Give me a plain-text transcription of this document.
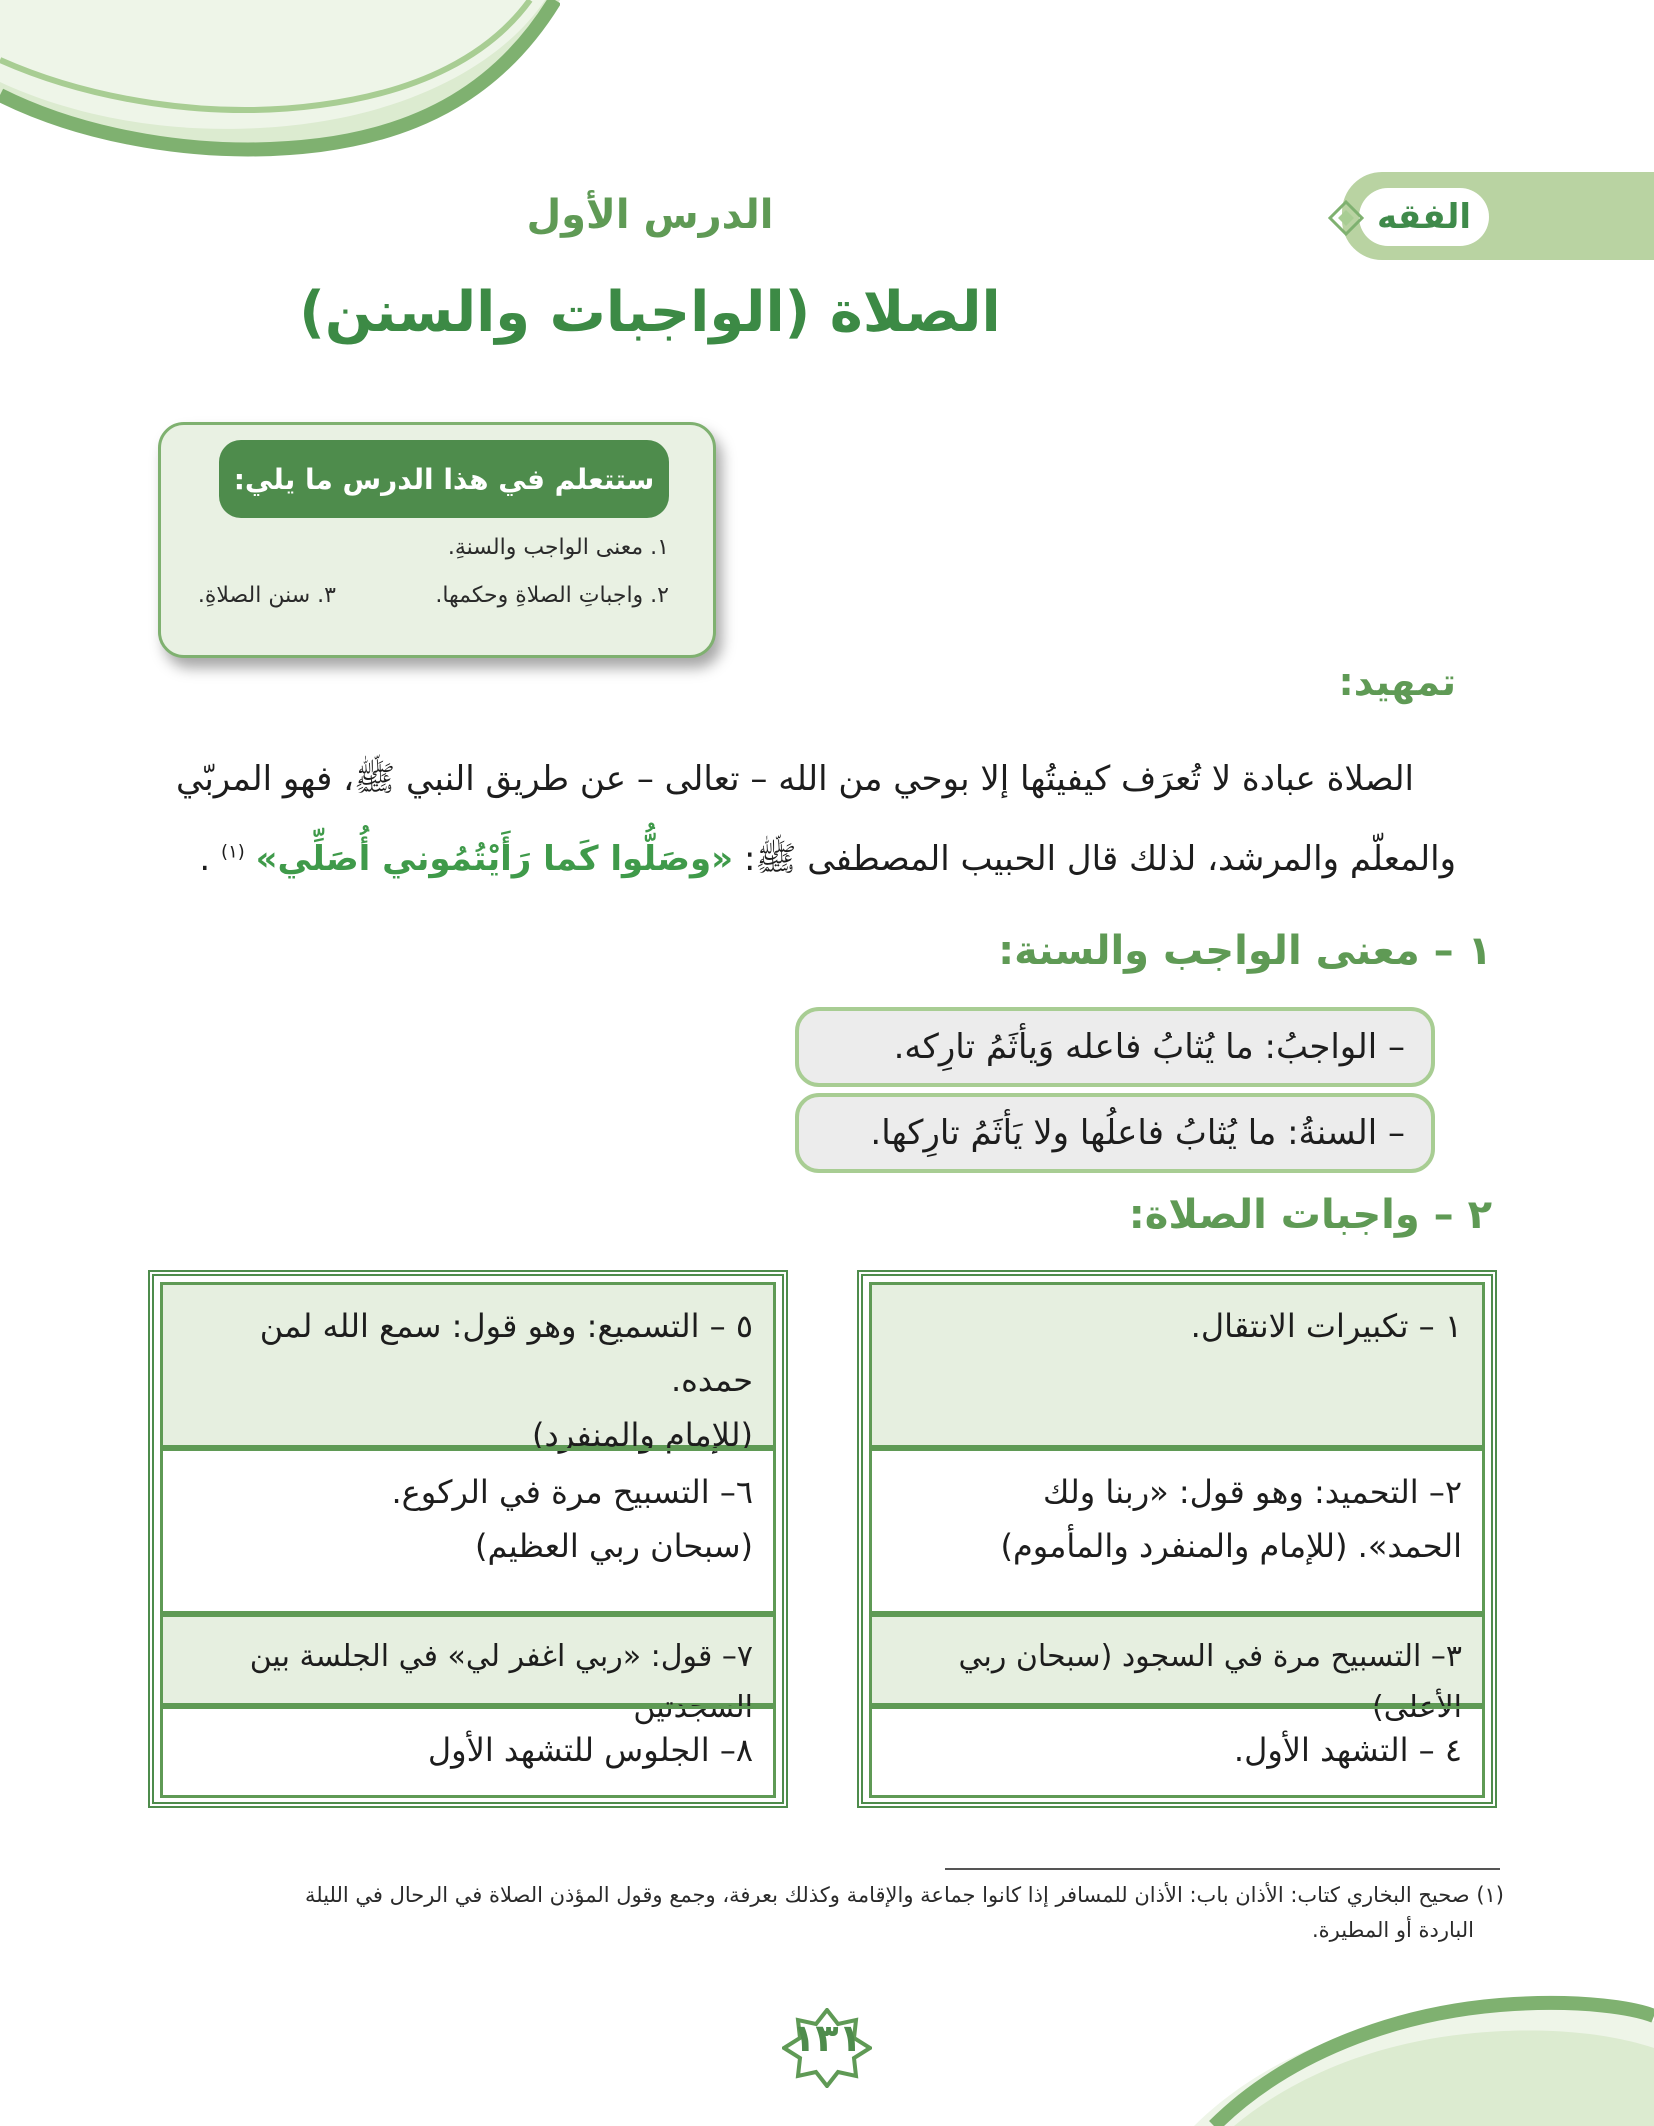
الفقه
الدرس الأول
الصلاة (الواجبات والسنن)
ستتعلم في هذا الدرس ما يلي:
١. معنى الواجب والسنةِ.
٢. واجباتِ الصلاةِ وحكمها.
٣. سنن الصلاةِ.
تمهيد:
الصلاة عبادة لا تُعرَف كيفيتُها إلا بوحي من الله – تعالى – عن طريق النبي ﷺ، فهو المربّي
والمعلّم والمرشد، لذلك قال الحبيب المصطفى ﷺ: «وصَلُّوا كَما رَأَيْتُمُوني أُصَلِّي» $^{(١)}$ .
١ – معنى الواجب والسنة:
– الواجبُ: ما يُثابُ فاعله وَيأثَمُ تارِكه.
– السنةُ: ما يُثابُ فاعلُها ولا يَأثَمُ تارِكها.
٢ – واجبات الصلاة:
١ – تكبيرات الانتقال.
٢– التحميد: وهو قول: «ربنا ولك
الحمد». (للإمام والمنفرد والمأموم)
٣– التسبيح مرة في السجود (سبحان ربي الأعلى)
٤ – التشهد الأول.
٥ – التسميع: وهو قول: سمع الله لمن حمده.
(للإمام والمنفرد)
٦– التسبيح مرة في الركوع.
(سبحان ربي العظيم)
٧– قول: «ربي اغفر لي» في الجلسة بين السجدتين
٨– الجلوس للتشهد الأول
(١) صحيح البخاري كتاب: الأذان باب: الأذان للمسافر إذا كانوا جماعة والإقامة وكذلك بعرفة، وجمع وقول المؤذن الصلاة في الرحال في الليلة
الباردة أو المطيرة.
١٣١
